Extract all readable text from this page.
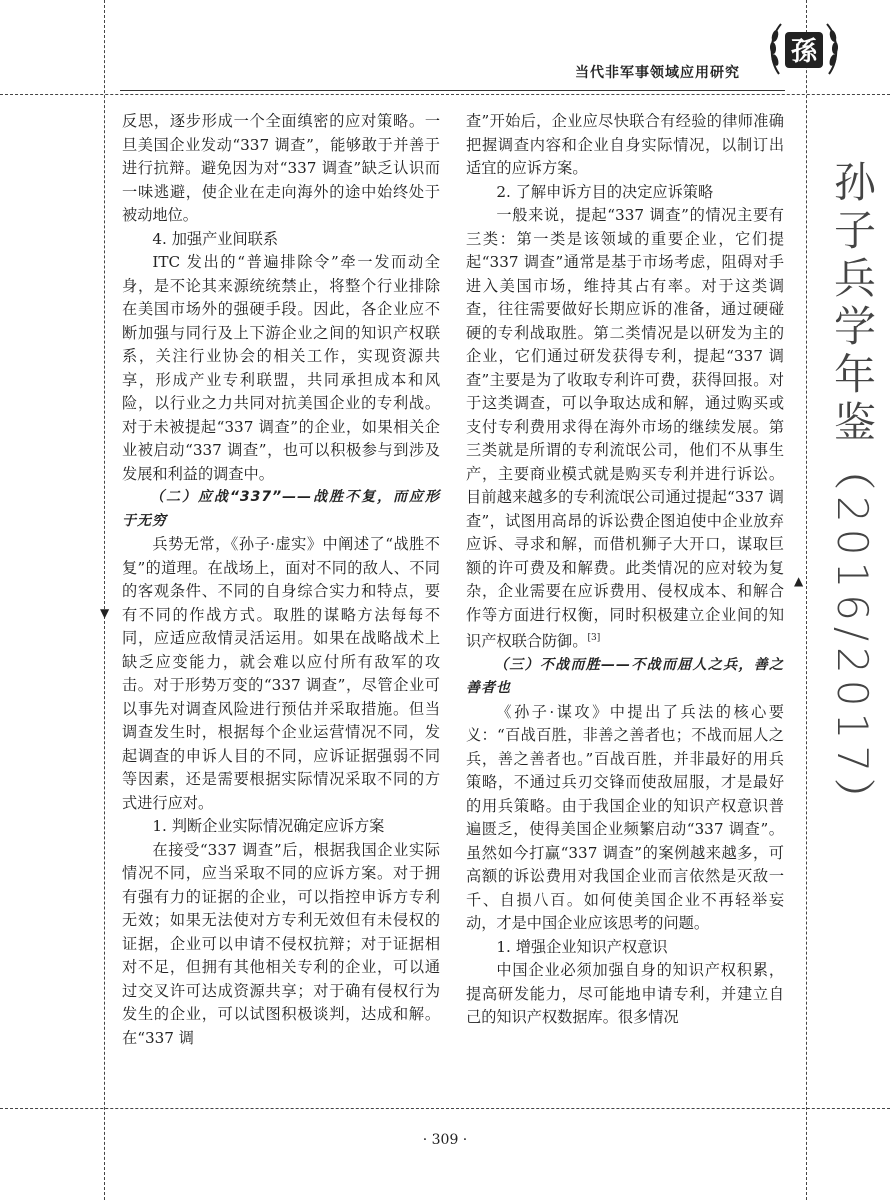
当代非军事领域应用研究
孫
孙子兵学年鉴（2016/2017）
▼
▲

反思，逐步形成一个全面缜密的应对策略。一旦美国企业发动“337 调查”，能够敢于并善于进行抗辩。避免因为对“337 调查”缺乏认识而一味逃避，使企业在走向海外的途中始终处于被动地位。

4. 加强产业间联系

ITC 发出的“普遍排除令”牵一发而动全身，是不论其来源统统禁止，将整个行业排除在美国市场外的强硬手段。因此，各企业应不断加强与同行及上下游企业之间的知识产权联系，关注行业协会的相关工作，实现资源共享，形成产业专利联盟，共同承担成本和风险，以行业之力共同对抗美国企业的专利战。对于未被提起“337 调查”的企业，如果相关企业被启动“337 调查”，也可以积极参与到涉及发展和利益的调查中。

（二）应战“337”——战胜不复，而应形于无穷

兵势无常，《孙子·虚实》中阐述了“战胜不复”的道理。在战场上，面对不同的敌人、不同的客观条件、不同的自身综合实力和特点，要有不同的作战方式。取胜的谋略方法每每不同，应适应敌情灵活运用。如果在战略战术上缺乏应变能力，就会难以应付所有敌军的攻击。对于形势万变的“337 调查”，尽管企业可以事先对调查风险进行预估并采取措施。但当调查发生时，根据每个企业运营情况不同，发起调查的申诉人目的不同，应诉证据强弱不同等因素，还是需要根据实际情况采取不同的方式进行应对。

1. 判断企业实际情况确定应诉方案

在接受“337 调查”后，根据我国企业实际情况不同，应当采取不同的应诉方案。对于拥有强有力的证据的企业，可以指控申诉方专利无效；如果无法使对方专利无效但有未侵权的证据，企业可以申请不侵权抗辩；对于证据相对不足，但拥有其他相关专利的企业，可以通过交叉许可达成资源共享；对于确有侵权行为发生的企业，可以试图积极谈判，达成和解。在“337 调

查”开始后，企业应尽快联合有经验的律师准确把握调查内容和企业自身实际情况，以制订出适宜的应诉方案。

2. 了解申诉方目的决定应诉策略

一般来说，提起“337 调查”的情况主要有三类：第一类是该领域的重要企业，它们提起“337 调查”通常是基于市场考虑，阻碍对手进入美国市场，维持其占有率。对于这类调查，往往需要做好长期应诉的准备，通过硬碰硬的专利战取胜。第二类情况是以研发为主的企业，它们通过研发获得专利，提起“337 调查”主要是为了收取专利许可费，获得回报。对于这类调查，可以争取达成和解，通过购买或支付专利费用求得在海外市场的继续发展。第三类就是所谓的专利流氓公司，他们不从事生产，主要商业模式就是购买专利并进行诉讼。目前越来越多的专利流氓公司通过提起“337 调查”，试图用高昂的诉讼费企图迫使中企业放弃应诉、寻求和解，而借机狮子大开口，谋取巨额的许可费及和解费。此类情况的应对较为复杂，企业需要在应诉费用、侵权成本、和解合作等方面进行权衡，同时积极建立企业间的知识产权联合防御。[3]

（三）不战而胜——不战而屈人之兵，善之善者也

《孙子·谋攻》中提出了兵法的核心要义：“百战百胜，非善之善者也；不战而屈人之兵，善之善者也。”百战百胜，并非最好的用兵策略，不通过兵刃交锋而使敌屈服，才是最好的用兵策略。由于我国企业的知识产权意识普遍匮乏，使得美国企业频繁启动“337 调查”。虽然如今打赢“337 调查”的案例越来越多，可高额的诉讼费用对我国企业而言依然是灭敌一千、自损八百。如何使美国企业不再轻举妄动，才是中国企业应该思考的问题。

1. 增强企业知识产权意识

中国企业必须加强自身的知识产权积累，提高研发能力，尽可能地申请专利，并建立自己的知识产权数据库。很多情况

· 309 ·
